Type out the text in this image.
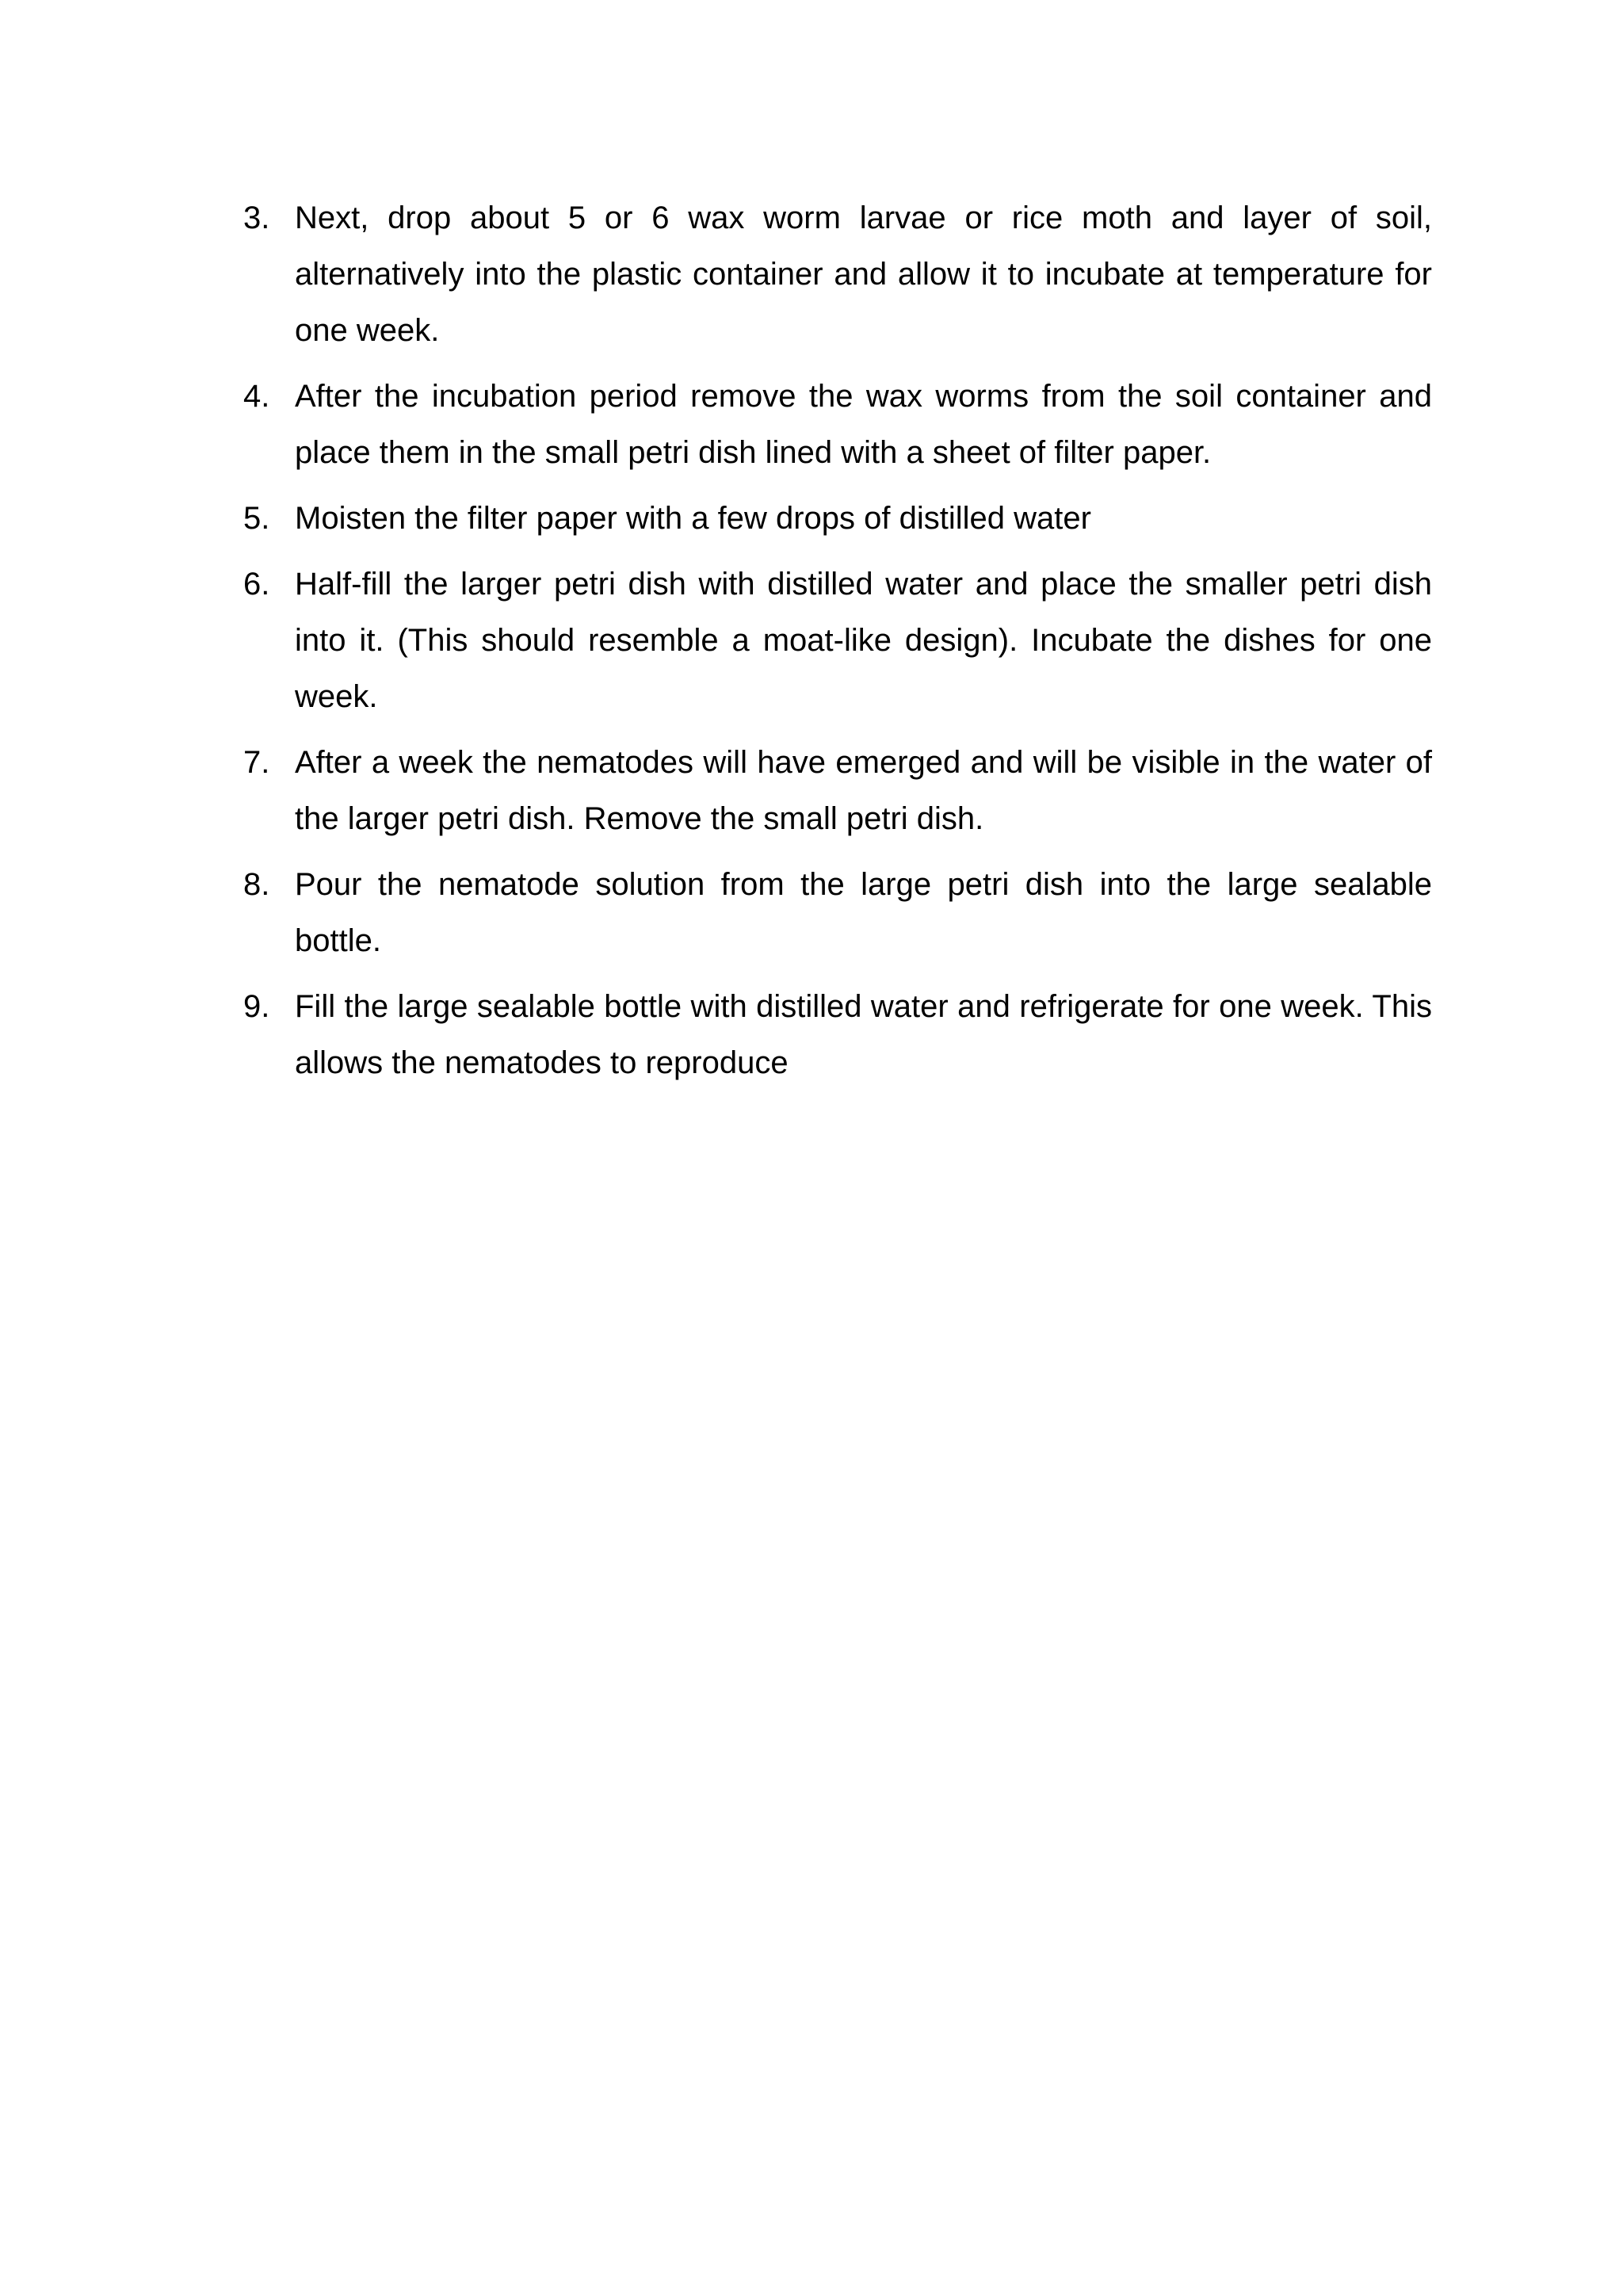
3. Next, drop about 5 or 6 wax worm larvae or rice moth and layer of soil, alternatively into the plastic container and allow it to incubate at temperature for one week.
4. After the incubation period remove the wax worms from the soil container and place them in the small petri dish lined with a sheet of filter paper.
5. Moisten the filter paper with a few drops of distilled water
6. Half-fill the larger petri dish with distilled water and place the smaller petri dish into it. (This should resemble a moat-like design). Incubate the dishes for one week.
7. After a week the nematodes will have emerged and will be visible in the water of the larger petri dish. Remove the small petri dish.
8. Pour the nematode solution from the large petri dish into the large sealable bottle.
9. Fill the large sealable bottle with distilled water and refrigerate for one week. This allows the nematodes to reproduce
